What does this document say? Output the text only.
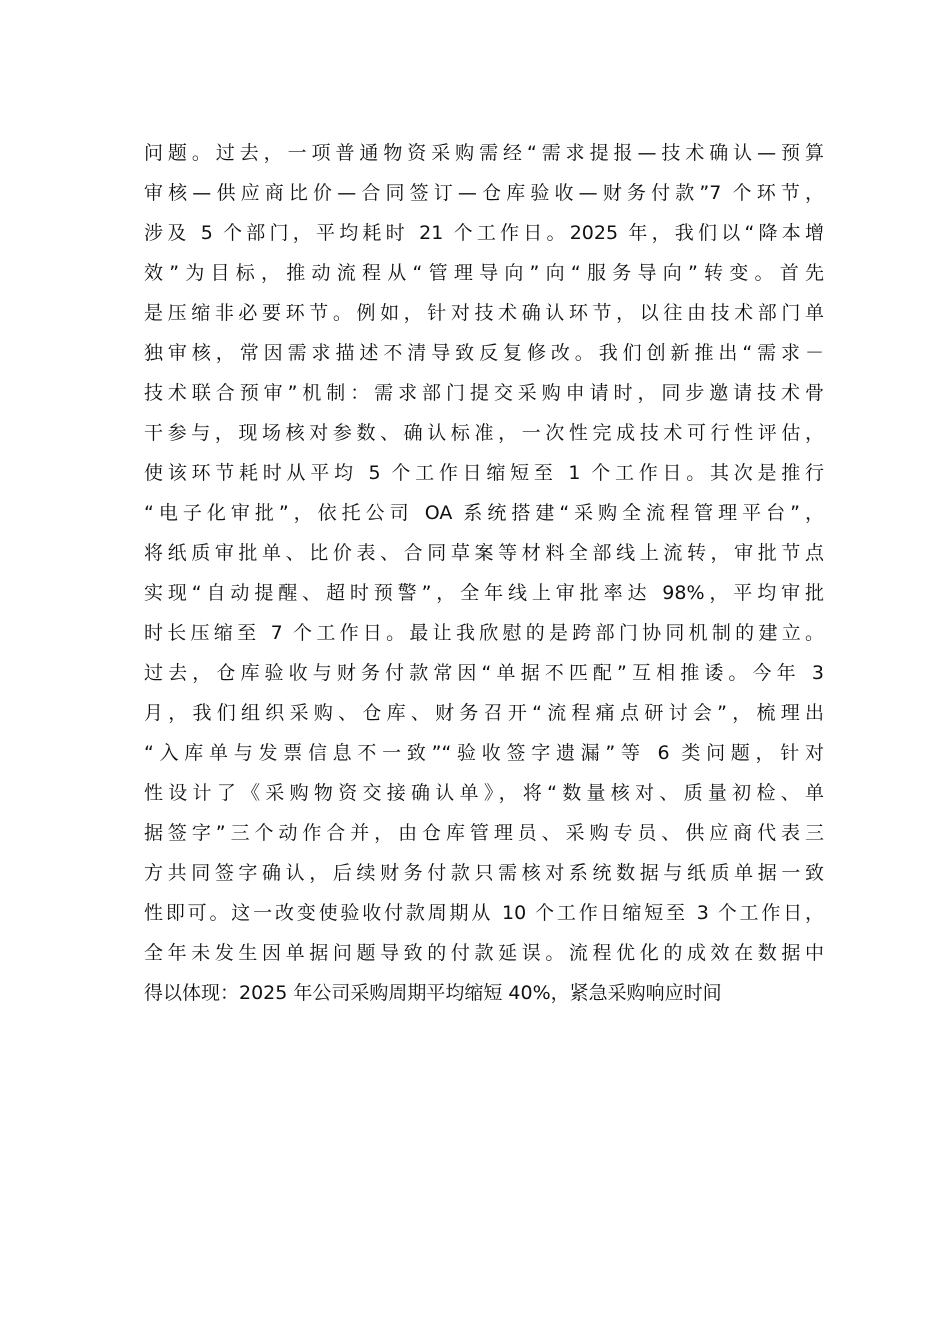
问题。过去，一项普通物资采购需经“需求提报—技术确认—预算
审核—供应商比价—合同签订—仓库验收—财务付款”7 个环节，
涉及 5 个部门，平均耗时 21 个工作日。2025 年，我们以“降本增
效”为目标，推动流程从“管理导向”向“服务导向”转变。首先
是压缩非必要环节。例如，针对技术确认环节，以往由技术部门单
独审核，常因需求描述不清导致反复修改。我们创新推出“需求－
技术联合预审”机制：需求部门提交采购申请时，同步邀请技术骨
干参与，现场核对参数、确认标准，一次性完成技术可行性评估，
使该环节耗时从平均 5 个工作日缩短至 1 个工作日。其次是推行
“电子化审批”，依托公司 OA 系统搭建“采购全流程管理平台”，
将纸质审批单、比价表、合同草案等材料全部线上流转，审批节点
实现“自动提醒、超时预警”，全年线上审批率达 98%，平均审批
时长压缩至 7 个工作日。最让我欣慰的是跨部门协同机制的建立。
过去，仓库验收与财务付款常因“单据不匹配”互相推诿。今年 3
月，我们组织采购、仓库、财务召开“流程痛点研讨会”，梳理出
“入库单与发票信息不一致”“验收签字遗漏”等 6 类问题，针对
性设计了《采购物资交接确认单》，将“数量核对、质量初检、单
据签字”三个动作合并，由仓库管理员、采购专员、供应商代表三
方共同签字确认，后续财务付款只需核对系统数据与纸质单据一致
性即可。这一改变使验收付款周期从 10 个工作日缩短至 3 个工作日，
全年未发生因单据问题导致的付款延误。流程优化的成效在数据中
得以体现：2025 年公司采购周期平均缩短 40%，紧急采购响应时间
